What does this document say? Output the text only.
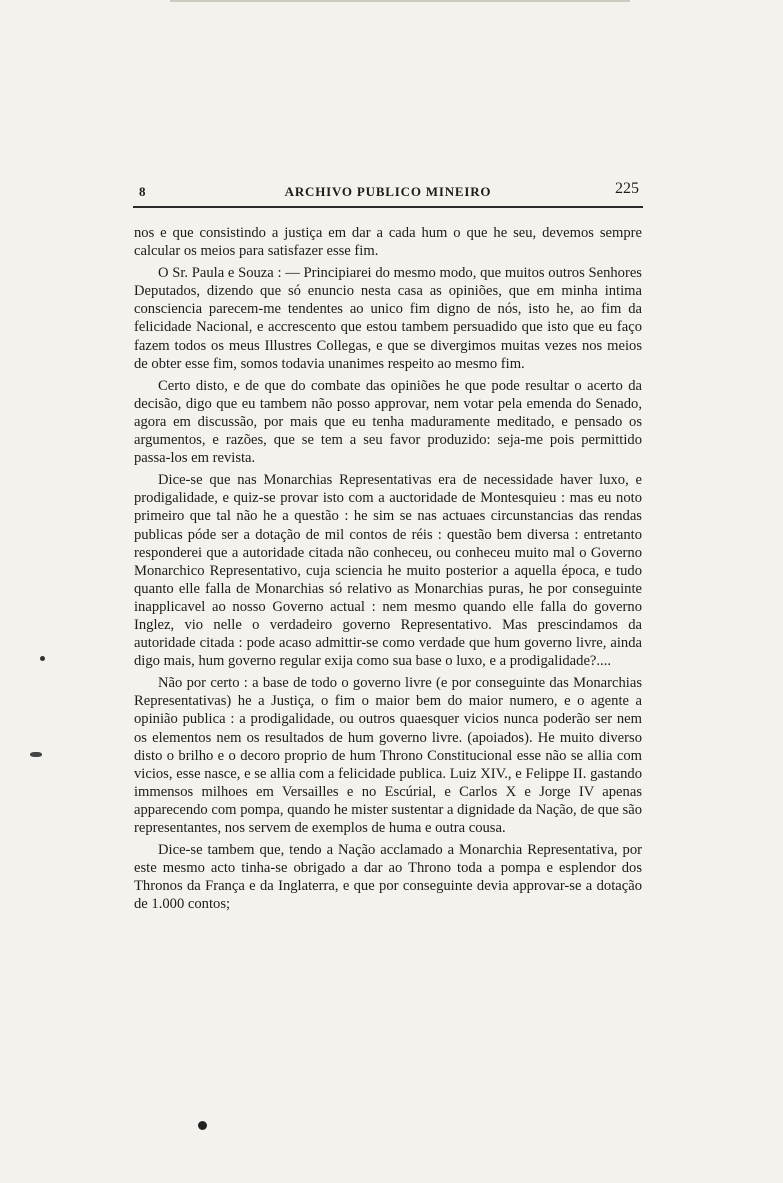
8	ARCHIVO PUBLICO MINEIRO	225

nos e que consistindo a justiça em dar a cada hum o que he seu, devemos sempre calcular os meios para satisfazer esse fim.

O Sr. Paula e Souza : — Principiarei do mesmo modo, que muitos outros Senhores Deputados, dizendo que só enuncio nesta casa as opiniões, que em minha intima consciencia parecem-me tendentes ao unico fim digno de nós, isto he, ao fim da felicidade Nacional, e accrescento que estou tambem persuadido que isto que eu faço fazem todos os meus Illustres Collegas, e que se divergimos muitas vezes nos meios de obter esse fim, somos todavia unanimes respeito ao mesmo fim.

Certo disto, e de que do combate das opiniões he que pode resultar o acerto da decisão, digo que eu tambem não posso approvar, nem votar pela emenda do Senado, agora em discussão, por mais que eu tenha maduramente meditado, e pensado os argumentos, e razões, que se tem a seu favor produzido: seja-me pois permittido passa-los em revista.

Dice-se que nas Monarchias Representativas era de necessidade haver luxo, e prodigalidade, e quiz-se provar isto com a auctoridade de Montesquieu : mas eu noto primeiro que tal não he a questão : he sim se nas actuaes circunstancias das rendas publicas póde ser a dotação de mil contos de réis : questão bem diversa : entretanto responderei que a autoridade citada não conheceu, ou conheceu muito mal o Governo Monarchico Representativo, cuja sciencia he muito posterior a aquella época, e tudo quanto elle falla de Monarchias só relativo as Monarchias puras, he por conseguinte inapplicavel ao nosso Governo actual : nem mesmo quando elle falla do governo Inglez, vio nelle o verdadeiro governo Representativo. Mas prescindamos da autoridade citada : pode acaso admittir-se como verdade que hum governo livre, ainda digo mais, hum governo regular exija como sua base o luxo, e a prodigalidade?....

Não por certo : a base de todo o governo livre (e por conseguinte das Monarchias Representativas) he a Justiça, o fim o maior bem do maior numero, e o agente a opinião publica : a prodigalidade, ou outros quaesquer vicios nunca poderão ser nem os elementos nem os resultados de hum governo livre. (apoiados). He muito diverso disto o brilho e o decoro proprio de hum Throno Constitucional esse não se allia com vicios, esse nasce, e se allia com a felicidade publica. Luiz XIV., e Felippe II. gastando immensos milhoes em Versailles e no Escúrial, e Carlos X e Jorge IV apenas apparecendo com pompa, quando he mister sustentar a dignidade da Nação, de que são representantes, nos servem de exemplos de huma e outra cousa.

Dice-se tambem que, tendo a Nação acclamado a Monarchia Representativa, por este mesmo acto tinha-se obrigado a dar ao Throno toda a pompa e esplendor dos Thronos da França e da Inglaterra, e que por conseguinte devia approvar-se a dotação de 1.000 contos;
